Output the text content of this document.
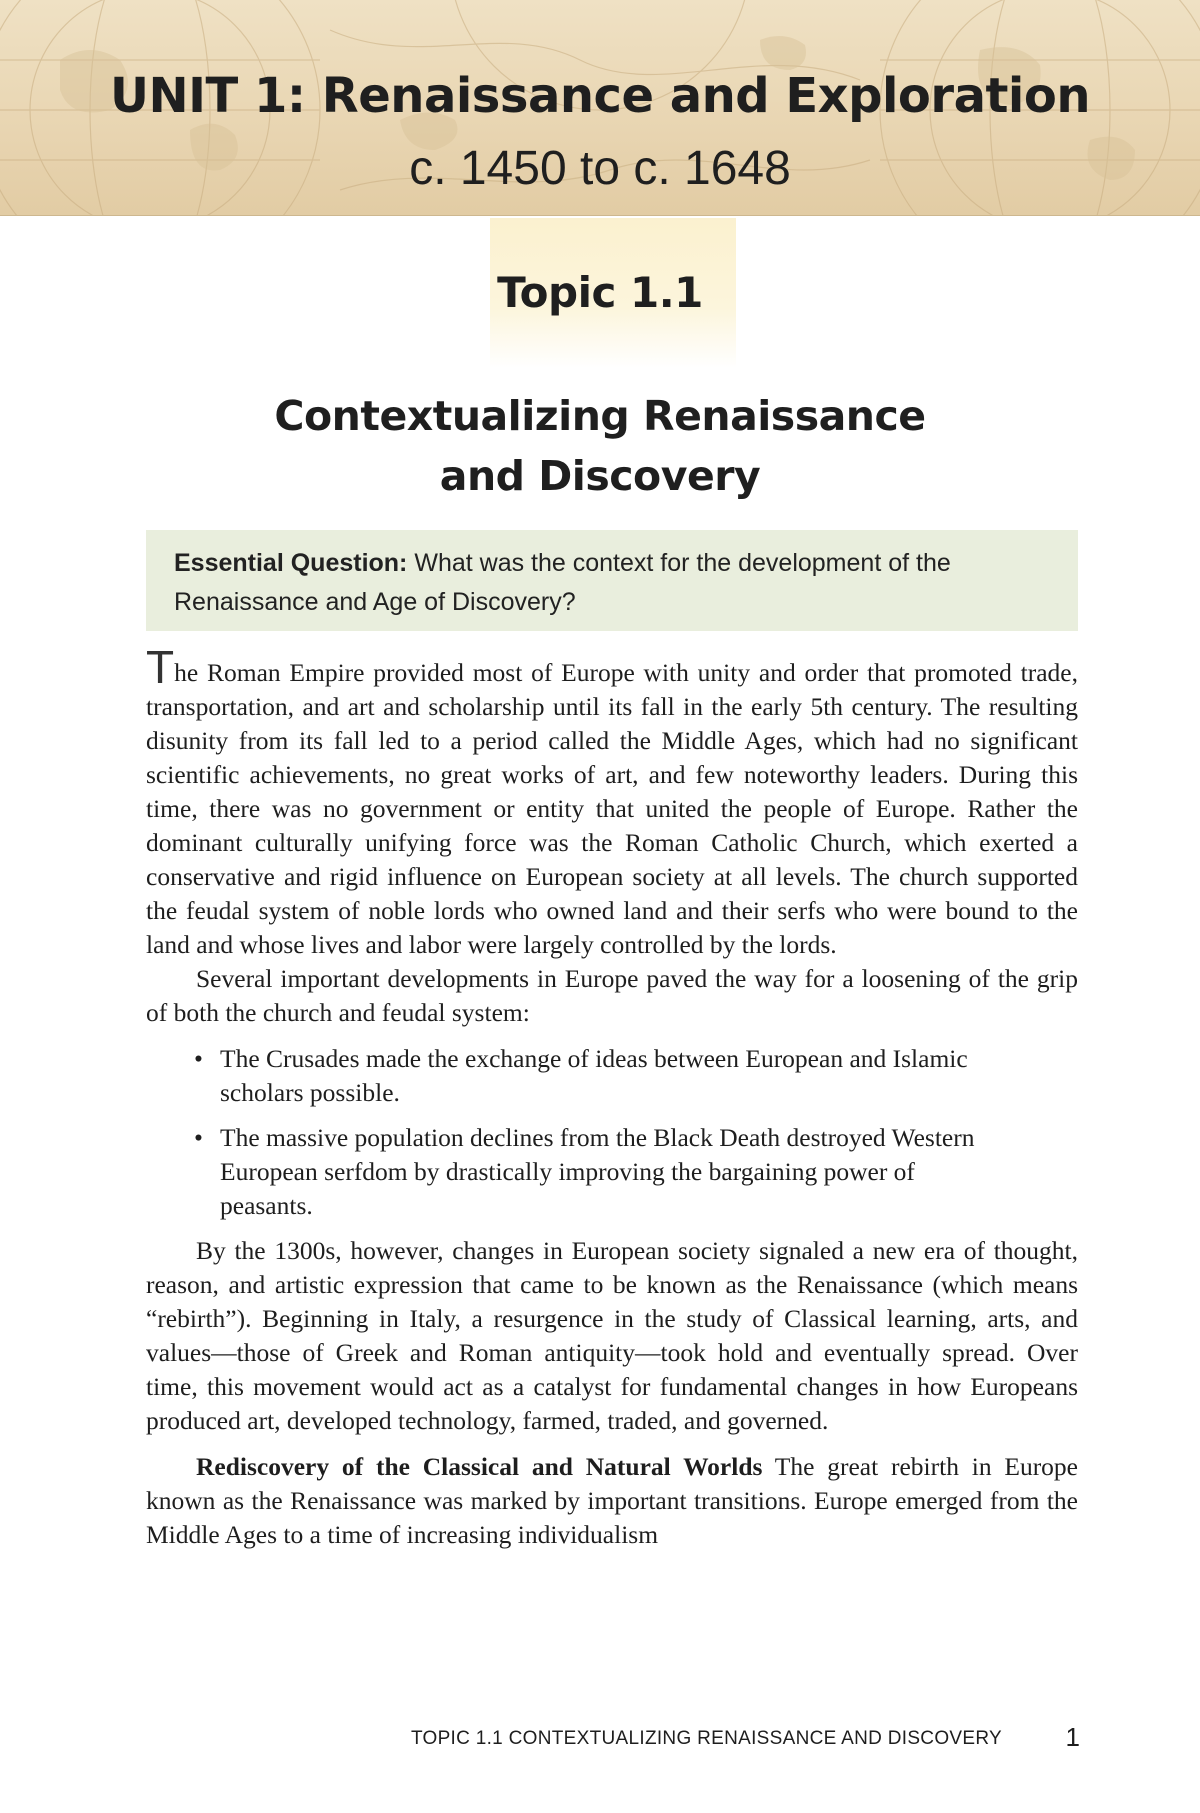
UNIT 1: Renaissance and Exploration
c. 1450 to c. 1648
Topic 1.1
Contextualizing Renaissance
and Discovery
Essential Question: What was the context for the development of the Renaissance and Age of Discovery?

The Roman Empire provided most of Europe with unity and order that promoted trade, transportation, and art and scholarship until its fall in the early 5th century. The resulting disunity from its fall led to a period called the Middle Ages, which had no significant scientific achievements, no great works of art, and few noteworthy leaders. During this time, there was no government or entity that united the people of Europe. Rather the dominant culturally unifying force was the Roman Catholic Church, which exerted a conservative and rigid influence on European society at all levels. The church supported the feudal system of noble lords who owned land and their serfs who were bound to the land and whose lives and labor were largely controlled by the lords.

Several important developments in Europe paved the way for a loosening of the grip of both the church and feudal system:

• The Crusades made the exchange of ideas between European and Islamic scholars possible.
• The massive population declines from the Black Death destroyed Western European serfdom by drastically improving the bargaining power of peasants.

By the 1300s, however, changes in European society signaled a new era of thought, reason, and artistic expression that came to be known as the Renaissance (which means “rebirth”). Beginning in Italy, a resurgence in the study of Classical learning, arts, and values—those of Greek and Roman antiquity—took hold and eventually spread. Over time, this movement would act as a catalyst for fundamental changes in how Europeans produced art, developed technology, farmed, traded, and governed.

Rediscovery of the Classical and Natural Worlds The great rebirth in Europe known as the Renaissance was marked by important transitions. Europe emerged from the Middle Ages to a time of increasing individualism

TOPIC 1.1 CONTEXTUALIZING RENAISSANCE AND DISCOVERY 1
